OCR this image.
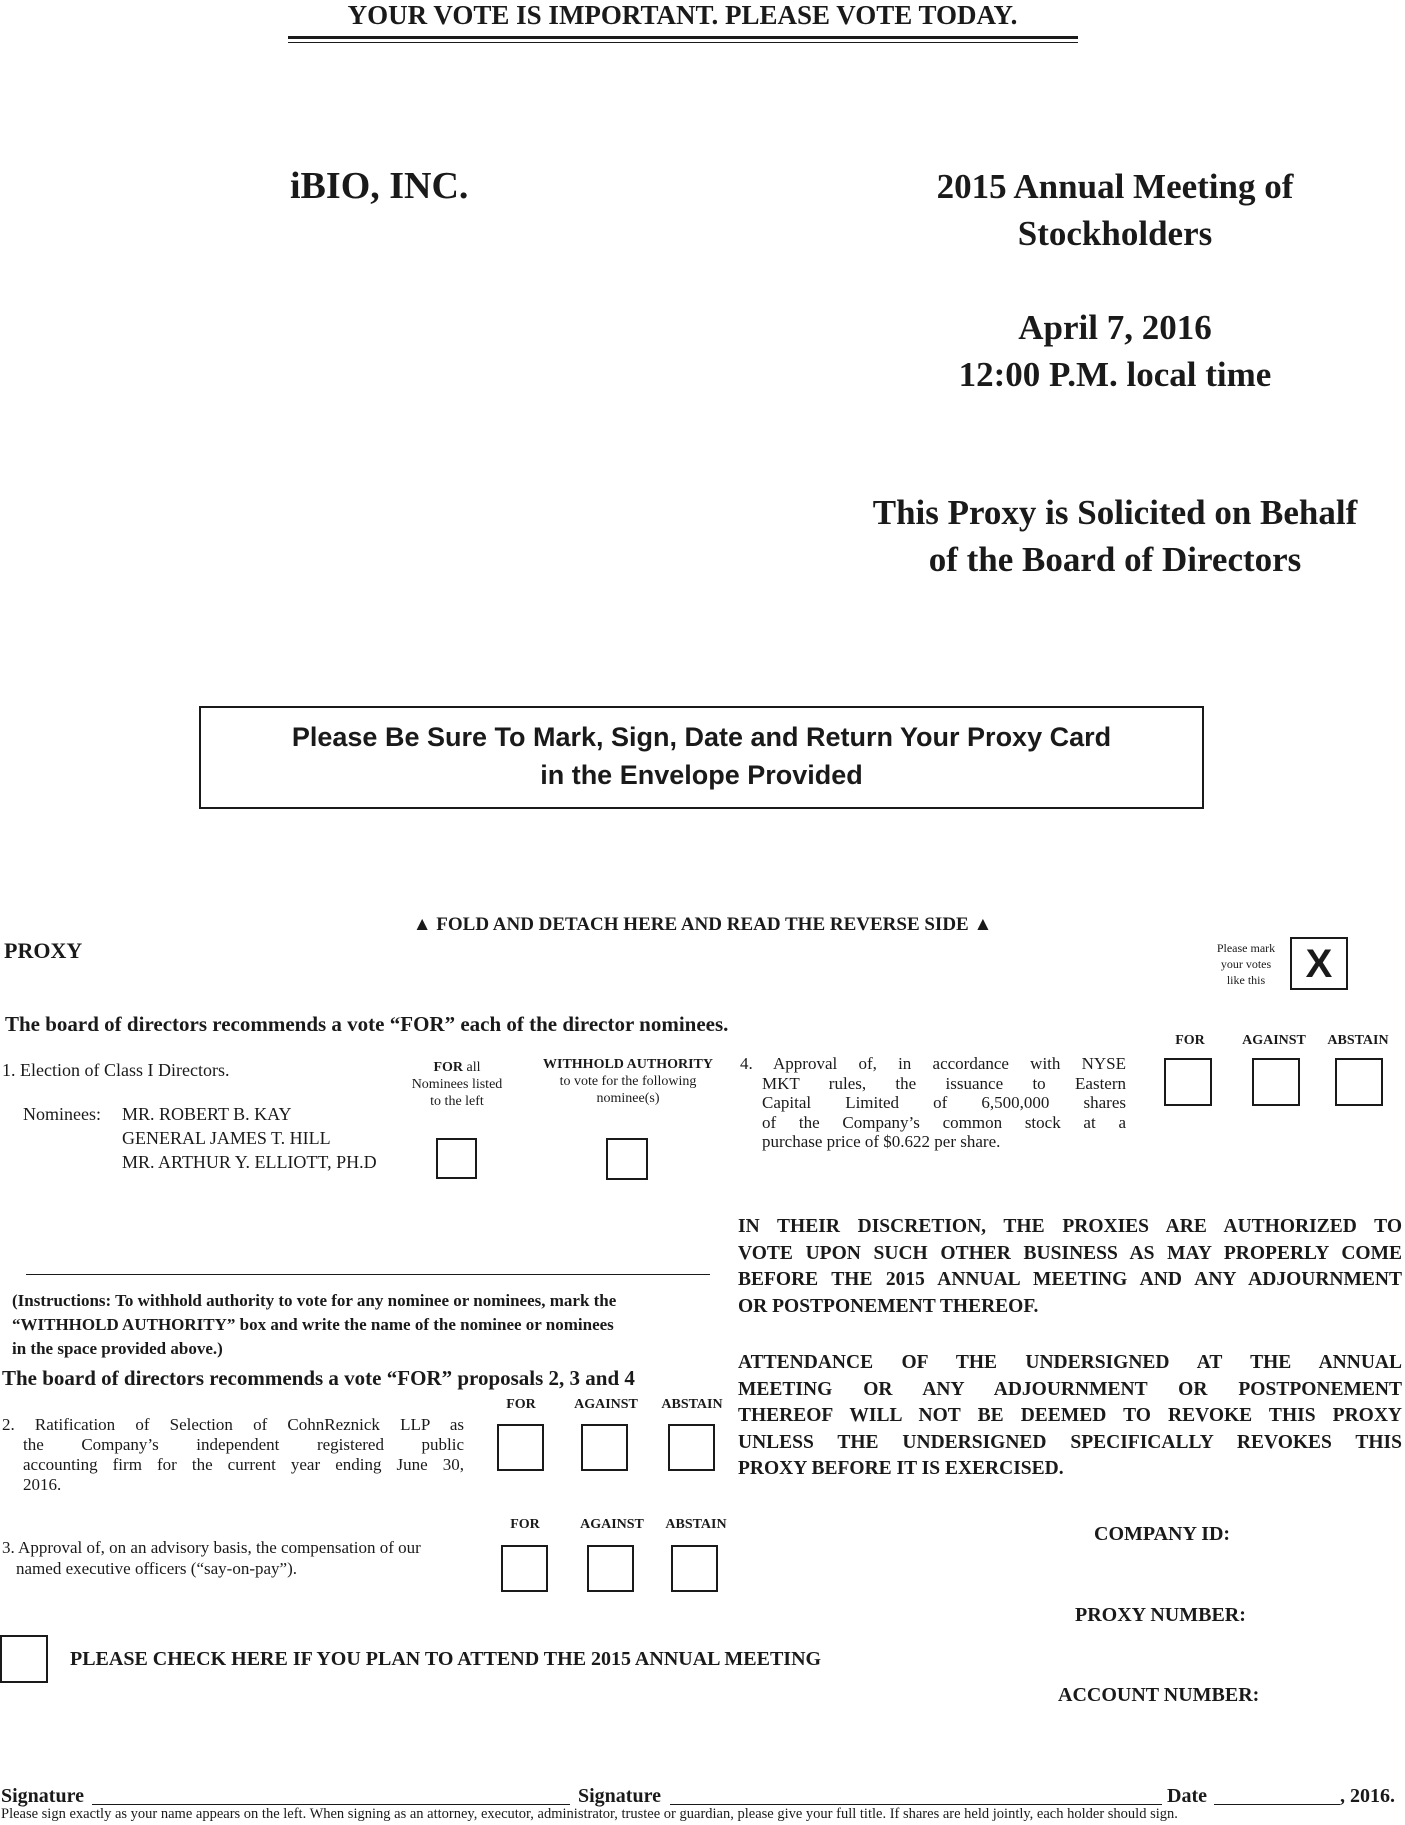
YOUR VOTE IS IMPORTANT. PLEASE VOTE TODAY.
iBIO, INC.	2015 Annual Meeting of
Stockholders
April 7, 2016
12:00 P.M. local time
This Proxy is Solicited on Behalf
of the Board of Directors
Please Be Sure To Mark, Sign, Date and Return Your Proxy Card
in the Envelope Provided
▲ FOLD AND DETACH HERE AND READ THE REVERSE SIDE ▲
PROXY	Please mark
your votes
like this	X
The board of directors recommends a vote “FOR” each of the director nominees.
1. Election of Class I Directors.
Nominees: MR. ROBERT B. KAY
GENERAL JAMES T. HILL
MR. ARTHUR Y. ELLIOTT, PH.D
FOR all
Nominees listed
to the left
WITHHOLD AUTHORITY
to vote for the following
nominee(s)
(Instructions: To withhold authority to vote for any nominee or nominees, mark the
“WITHHOLD AUTHORITY” box and write the name of the nominee or nominees
in the space provided above.)
The board of directors recommends a vote “FOR” proposals 2, 3 and 4
FOR	AGAINST	ABSTAIN
2. Ratification of Selection of CohnReznick LLP as
the Company’s independent registered public
accounting firm for the current year ending June 30,
2016.
FOR	AGAINST	ABSTAIN
3. Approval of, on an advisory basis, the compensation of our
named executive officers (“say-on-pay”).
FOR	AGAINST	ABSTAIN
4. Approval of, in accordance with NYSE
MKT rules, the issuance to Eastern
Capital Limited of 6,500,000 shares
of the Company’s common stock at a
purchase price of $0.622 per share.
IN THEIR DISCRETION, THE PROXIES ARE AUTHORIZED TO
VOTE UPON SUCH OTHER BUSINESS AS MAY PROPERLY COME
BEFORE THE 2015 ANNUAL MEETING AND ANY ADJOURNMENT
OR POSTPONEMENT THEREOF.
ATTENDANCE OF THE UNDERSIGNED AT THE ANNUAL
MEETING OR ANY ADJOURNMENT OR POSTPONEMENT
THEREOF WILL NOT BE DEEMED TO REVOKE THIS PROXY
UNLESS THE UNDERSIGNED SPECIFICALLY REVOKES THIS
PROXY BEFORE IT IS EXERCISED.
COMPANY ID:
PROXY NUMBER:
ACCOUNT NUMBER:
PLEASE CHECK HERE IF YOU PLAN TO ATTEND THE 2015 ANNUAL MEETING
Signature	Signature	Date	, 2016.
Please sign exactly as your name appears on the left. When signing as an attorney, executor, administrator, trustee or guardian, please give your full title. If shares are held jointly, each holder should sign.
